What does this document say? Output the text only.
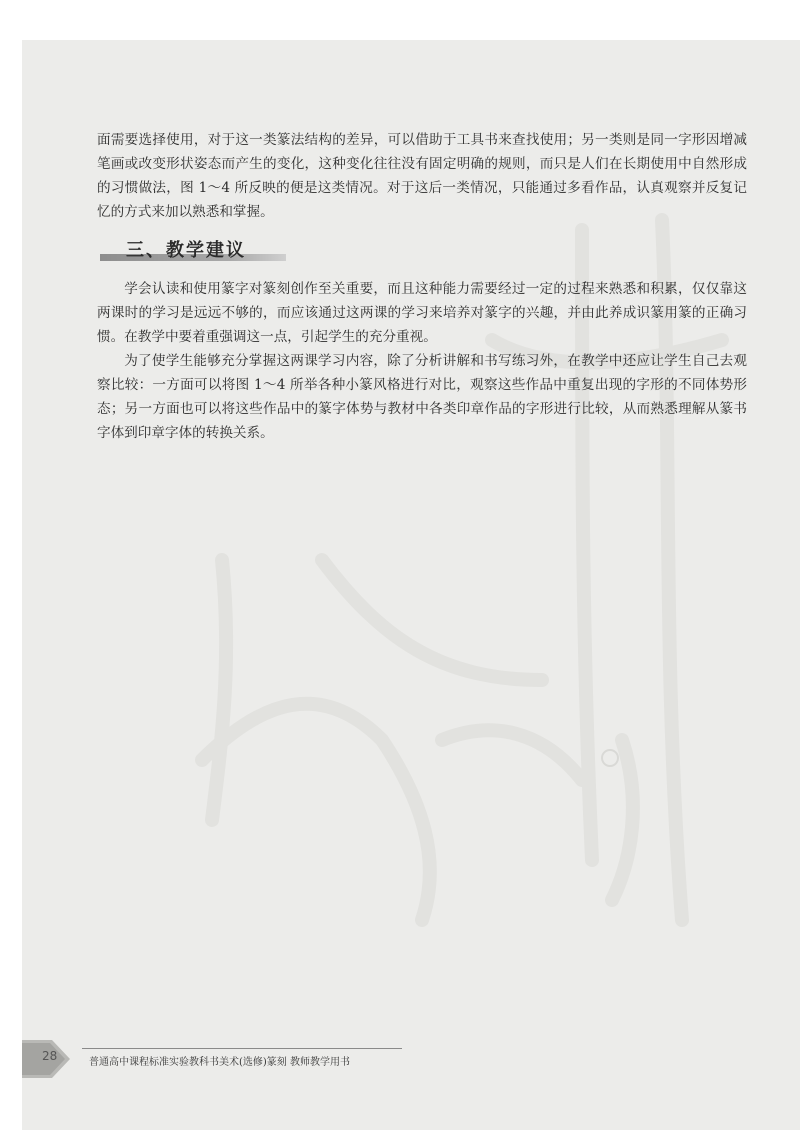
面需要选择使用，对于这一类篆法结构的差异，可以借助于工具书来查找使用；另一类则是同一字形因增减笔画或改变形状姿态而产生的变化，这种变化往往没有固定明确的规则，而只是人们在长期使用中自然形成的习惯做法，图 1～4 所反映的便是这类情况。对于这后一类情况，只能通过多看作品，认真观察并反复记忆的方式来加以熟悉和掌握。

三、教学建议

学会认读和使用篆字对篆刻创作至关重要，而且这种能力需要经过一定的过程来熟悉和积累，仅仅靠这两课时的学习是远远不够的，而应该通过这两课的学习来培养对篆字的兴趣，并由此养成识篆用篆的正确习惯。在教学中要着重强调这一点，引起学生的充分重视。

为了使学生能够充分掌握这两课学习内容，除了分析讲解和书写练习外，在教学中还应让学生自己去观察比较：一方面可以将图 1～4 所举各种小篆风格进行对比，观察这些作品中重复出现的字形的不同体势形态；另一方面也可以将这些作品中的篆字体势与教材中各类印章作品的字形进行比较，从而熟悉理解从篆书字体到印章字体的转换关系。

28	普通高中课程标准实验教科书美术(选修)篆刻 教师教学用书
